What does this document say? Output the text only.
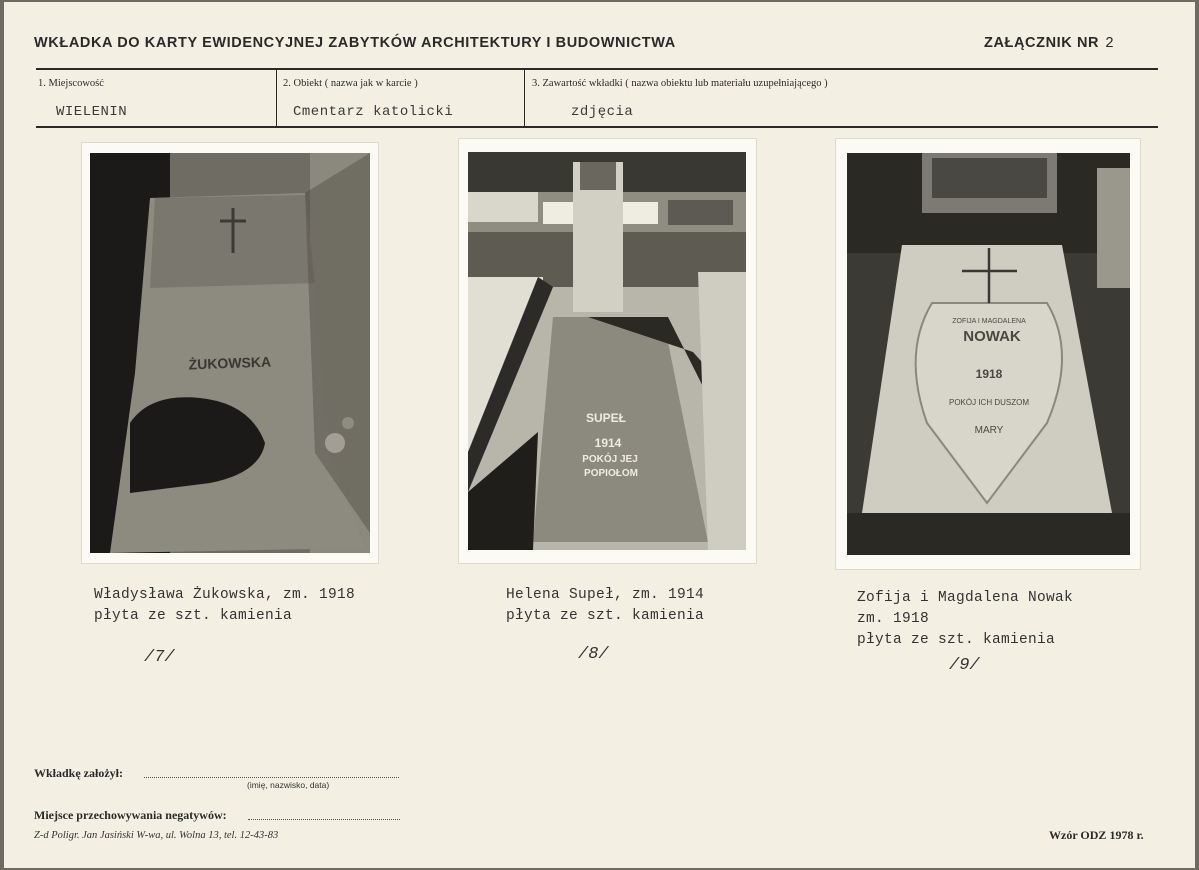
WKŁADKA DO KARTY EWIDENCYJNEJ ZABYTKÓW ARCHITEKTURY I BUDOWNICTWA	ZAŁĄCZNIK NR 2
1. Miejscowość
WIELENIN
2. Obiekt ( nazwa jak w karcie )
Cmentarz katolicki
3. Zawartość wkładki ( nazwa obiektu lub materiału uzupełniającego )
zdjęcia
ŻUKOWSKA
Władysława Żukowska, zm. 1918
płyta ze szt. kamienia
/7/
SUPEŁ
1914
POKÓJ JEJ
POPIOŁOM
Helena Supeł, zm. 1914
płyta ze szt. kamienia
/8/
ZOFIJA I MAGDALENA
NOWAK
1918
POKÓJ ICH DUSZOM
MARY
Zofija i Magdalena Nowak
zm. 1918
płyta ze szt. kamienia
/9/
Wkładkę założył:
(imię, nazwisko, data)
Miejsce przechowywania negatywów:
Z-d Poligr. Jan Jasiński W-wa, ul. Wolna 13, tel. 12-43-83	Wzór ODZ 1978 r.
